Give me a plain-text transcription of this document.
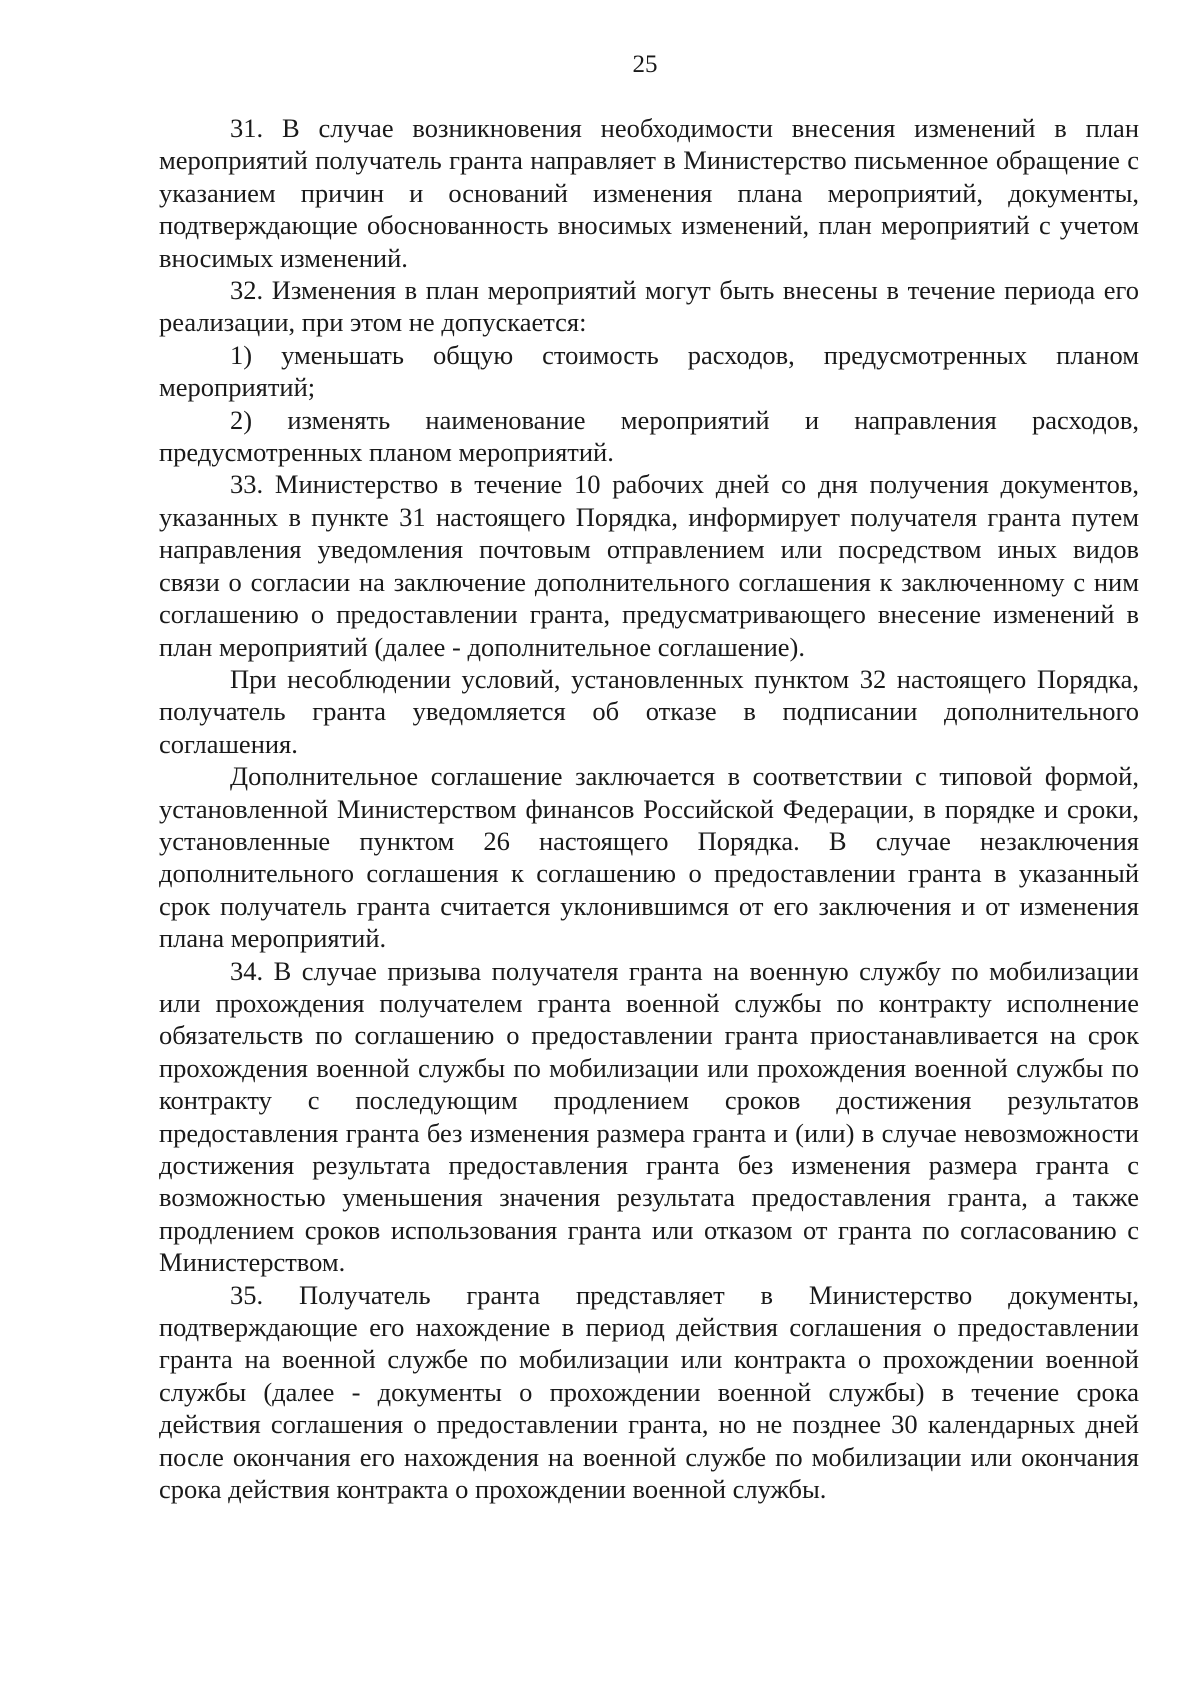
25

31. В случае возникновения необходимости внесения изменений в план мероприятий получатель гранта направляет в Министерство письменное обращение с указанием причин и оснований изменения плана мероприятий, документы, подтверждающие обоснованность вносимых изменений, план мероприятий с учетом вносимых изменений.

32. Изменения в план мероприятий могут быть внесены в течение периода его реализации, при этом не допускается:

1) уменьшать общую стоимость расходов, предусмотренных планом мероприятий;

2) изменять наименование мероприятий и направления расходов, предусмотренных планом мероприятий.

33. Министерство в течение 10 рабочих дней со дня получения документов, указанных в пункте 31 настоящего Порядка, информирует получателя гранта путем направления уведомления почтовым отправлением или посредством иных видов связи о согласии на заключение дополнительного соглашения к заключенному с ним соглашению о предоставлении гранта, предусматривающего внесение изменений в план мероприятий (далее - дополнительное соглашение).

При несоблюдении условий, установленных пунктом 32 настоящего Порядка, получатель гранта уведомляется об отказе в подписании дополнительного соглашения.

Дополнительное соглашение заключается в соответствии с типовой формой, установленной Министерством финансов Российской Федерации, в порядке и сроки, установленные пунктом 26 настоящего Порядка. В случае незаключения дополнительного соглашения к соглашению о предоставлении гранта в указанный срок получатель гранта считается уклонившимся от его заключения и от изменения плана мероприятий.

34. В случае призыва получателя гранта на военную службу по мобилизации или прохождения получателем гранта военной службы по контракту исполнение обязательств по соглашению о предоставлении гранта приостанавливается на срок прохождения военной службы по мобилизации или прохождения военной службы по контракту с последующим продлением сроков достижения результатов предоставления гранта без изменения размера гранта и (или) в случае невозможности достижения результата предоставления гранта без изменения размера гранта с возможностью уменьшения значения результата предоставления гранта, а также продлением сроков использования гранта или отказом от гранта по согласованию с Министерством.

35. Получатель гранта представляет в Министерство документы, подтверждающие его нахождение в период действия соглашения о предоставлении гранта на военной службе по мобилизации или контракта о прохождении военной службы (далее - документы о прохождении военной службы) в течение срока действия соглашения о предоставлении гранта, но не позднее 30 календарных дней после окончания его нахождения на военной службе по мобилизации или окончания срока действия контракта о прохождении военной службы.
